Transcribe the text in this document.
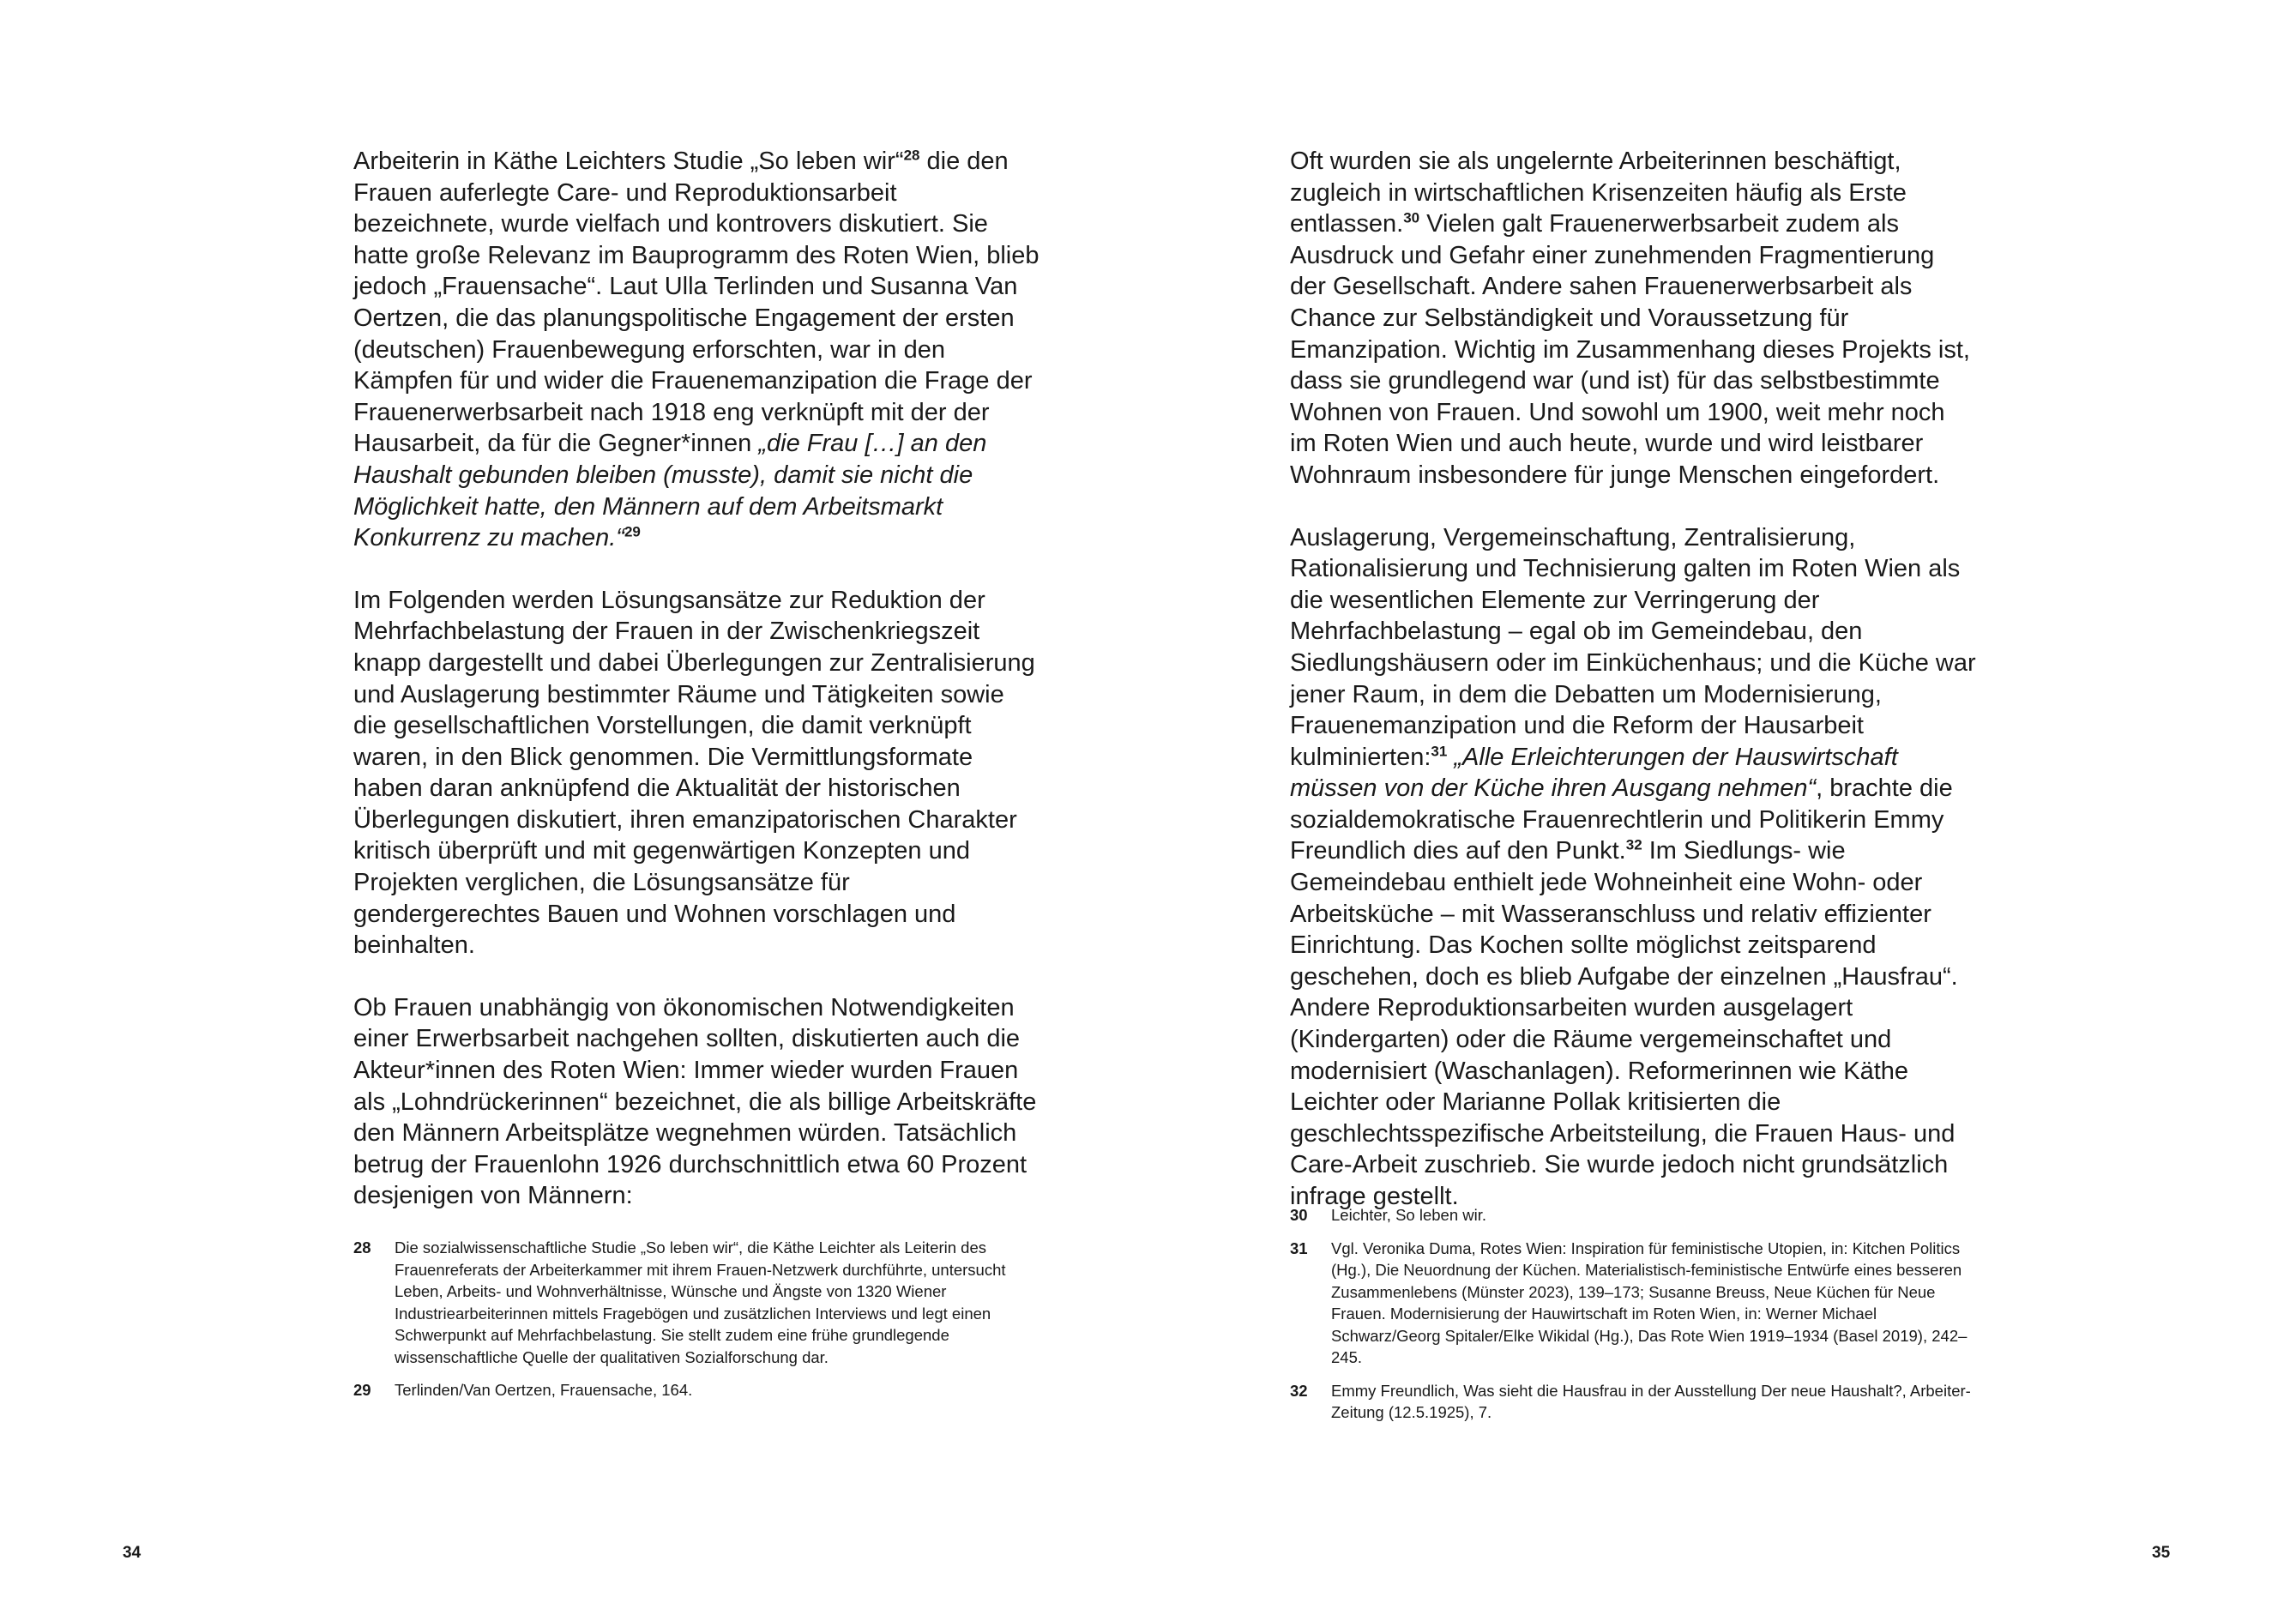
Arbeiterin in Käthe Leichters Studie „So leben wir“$^{28}$ die den Frauen auferlegte Care- und Reproduktionsarbeit bezeichnete, wurde vielfach und kontrovers diskutiert. Sie hatte große Relevanz im Bauprogramm des Roten Wien, blieb jedoch „Frauensache“. Laut Ulla Terlinden und Susanna Van Oertzen, die das planungspolitische Engagement der ersten (deutschen) Frauenbewegung erforschten, war in den Kämpfen für und wider die Frauenemanzipation die Frage der Frauenerwerbsarbeit nach 1918 eng verknüpft mit der der Hausarbeit, da für die Gegner*innen „die Frau […] an den Haushalt gebunden bleiben (musste), damit sie nicht die Möglichkeit hatte, den Männern auf dem Arbeitsmarkt Konkurrenz zu machen.“$^{29}$

Im Folgenden werden Lösungsansätze zur Reduktion der Mehrfachbelastung der Frauen in der Zwischenkriegszeit knapp dargestellt und dabei Überlegungen zur Zentralisierung und Auslagerung bestimmter Räume und Tätigkeiten sowie die gesellschaftlichen Vorstellungen, die damit verknüpft waren, in den Blick genommen. Die Vermittlungsformate haben daran anknüpfend die Aktualität der historischen Überlegungen diskutiert, ihren emanzipatorischen Charakter kritisch überprüft und mit gegenwärtigen Konzepten und Projekten verglichen, die Lösungsansätze für gendergerechtes Bauen und Wohnen vorschlagen und beinhalten.

Ob Frauen unabhängig von ökonomischen Notwendigkeiten einer Erwerbsarbeit nachgehen sollten, diskutierten auch die Akteur*innen des Roten Wien: Immer wieder wurden Frauen als „Lohndrückerinnen“ bezeichnet, die als billige Arbeitskräfte den Männern Arbeitsplätze wegnehmen würden. Tatsächlich betrug der Frauenlohn 1926 durchschnittlich etwa 60 Prozent desjenigen von Männern:

28 Die sozialwissenschaftliche Studie „So leben wir“, die Käthe Leichter als Leiterin des Frauenreferats der Arbeiterkammer mit ihrem Frauen-Netzwerk durchführte, untersucht Leben, Arbeits- und Wohnverhältnisse, Wünsche und Ängste von 1320 Wiener Industriearbeiterinnen mittels Fragebögen und zusätzlichen Interviews und legt einen Schwerpunkt auf Mehrfachbelastung. Sie stellt zudem eine frühe grundlegende wissenschaftliche Quelle der qualitativen Sozialforschung dar.
29 Terlinden/Van Oertzen, Frauensache, 164.
34

Oft wurden sie als ungelernte Arbeiterinnen beschäftigt, zugleich in wirtschaftlichen Krisenzeiten häufig als Erste entlassen.$^{30}$ Vielen galt Frauenerwerbsarbeit zudem als Ausdruck und Gefahr einer zunehmenden Fragmentierung der Gesellschaft. Andere sahen Frauenerwerbsarbeit als Chance zur Selbständigkeit und Voraussetzung für Emanzipation. Wichtig im Zusammenhang dieses Projekts ist, dass sie grundlegend war (und ist) für das selbstbestimmte Wohnen von Frauen. Und sowohl um 1900, weit mehr noch im Roten Wien und auch heute, wurde und wird leistbarer Wohnraum insbesondere für junge Menschen eingefordert.

Auslagerung, Vergemeinschaftung, Zentralisierung, Rationalisierung und Technisierung galten im Roten Wien als die wesentlichen Elemente zur Verringerung der Mehrfachbelastung – egal ob im Gemeindebau, den Siedlungshäusern oder im Einküchenhaus; und die Küche war jener Raum, in dem die Debatten um Modernisierung, Frauenemanzipation und die Reform der Hausarbeit kulminierten:$^{31}$ „Alle Erleichterungen der Hauswirtschaft müssen von der Küche ihren Ausgang nehmen“, brachte die sozialdemokratische Frauenrechtlerin und Politikerin Emmy Freundlich dies auf den Punkt.$^{32}$ Im Siedlungs- wie Gemeindebau enthielt jede Wohneinheit eine Wohn- oder Arbeitsküche – mit Wasseranschluss und relativ effizienter Einrichtung. Das Kochen sollte möglichst zeitsparend geschehen, doch es blieb Aufgabe der einzelnen „Hausfrau“. Andere Reproduktionsarbeiten wurden ausgelagert (Kindergarten) oder die Räume vergemeinschaftet und modernisiert (Waschanlagen). Reformerinnen wie Käthe Leichter oder Marianne Pollak kritisierten die geschlechtsspezifische Arbeitsteilung, die Frauen Haus- und Care-Arbeit zuschrieb. Sie wurde jedoch nicht grundsätzlich infrage gestellt.

30 Leichter, So leben wir.
31 Vgl. Veronika Duma, Rotes Wien: Inspiration für feministische Utopien, in: Kitchen Politics (Hg.), Die Neuordnung der Küchen. Materialistisch-feministische Entwürfe eines besseren Zusammenlebens (Münster 2023), 139–173; Susanne Breuss, Neue Küchen für Neue Frauen. Modernisierung der Hauwirtschaft im Roten Wien, in: Werner Michael Schwarz/Georg Spitaler/Elke Wikidal (Hg.), Das Rote Wien 1919–1934 (Basel 2019), 242–245.
32 Emmy Freundlich, Was sieht die Hausfrau in der Ausstellung Der neue Haushalt?, Arbeiter-Zeitung (12.5.1925), 7.
35
